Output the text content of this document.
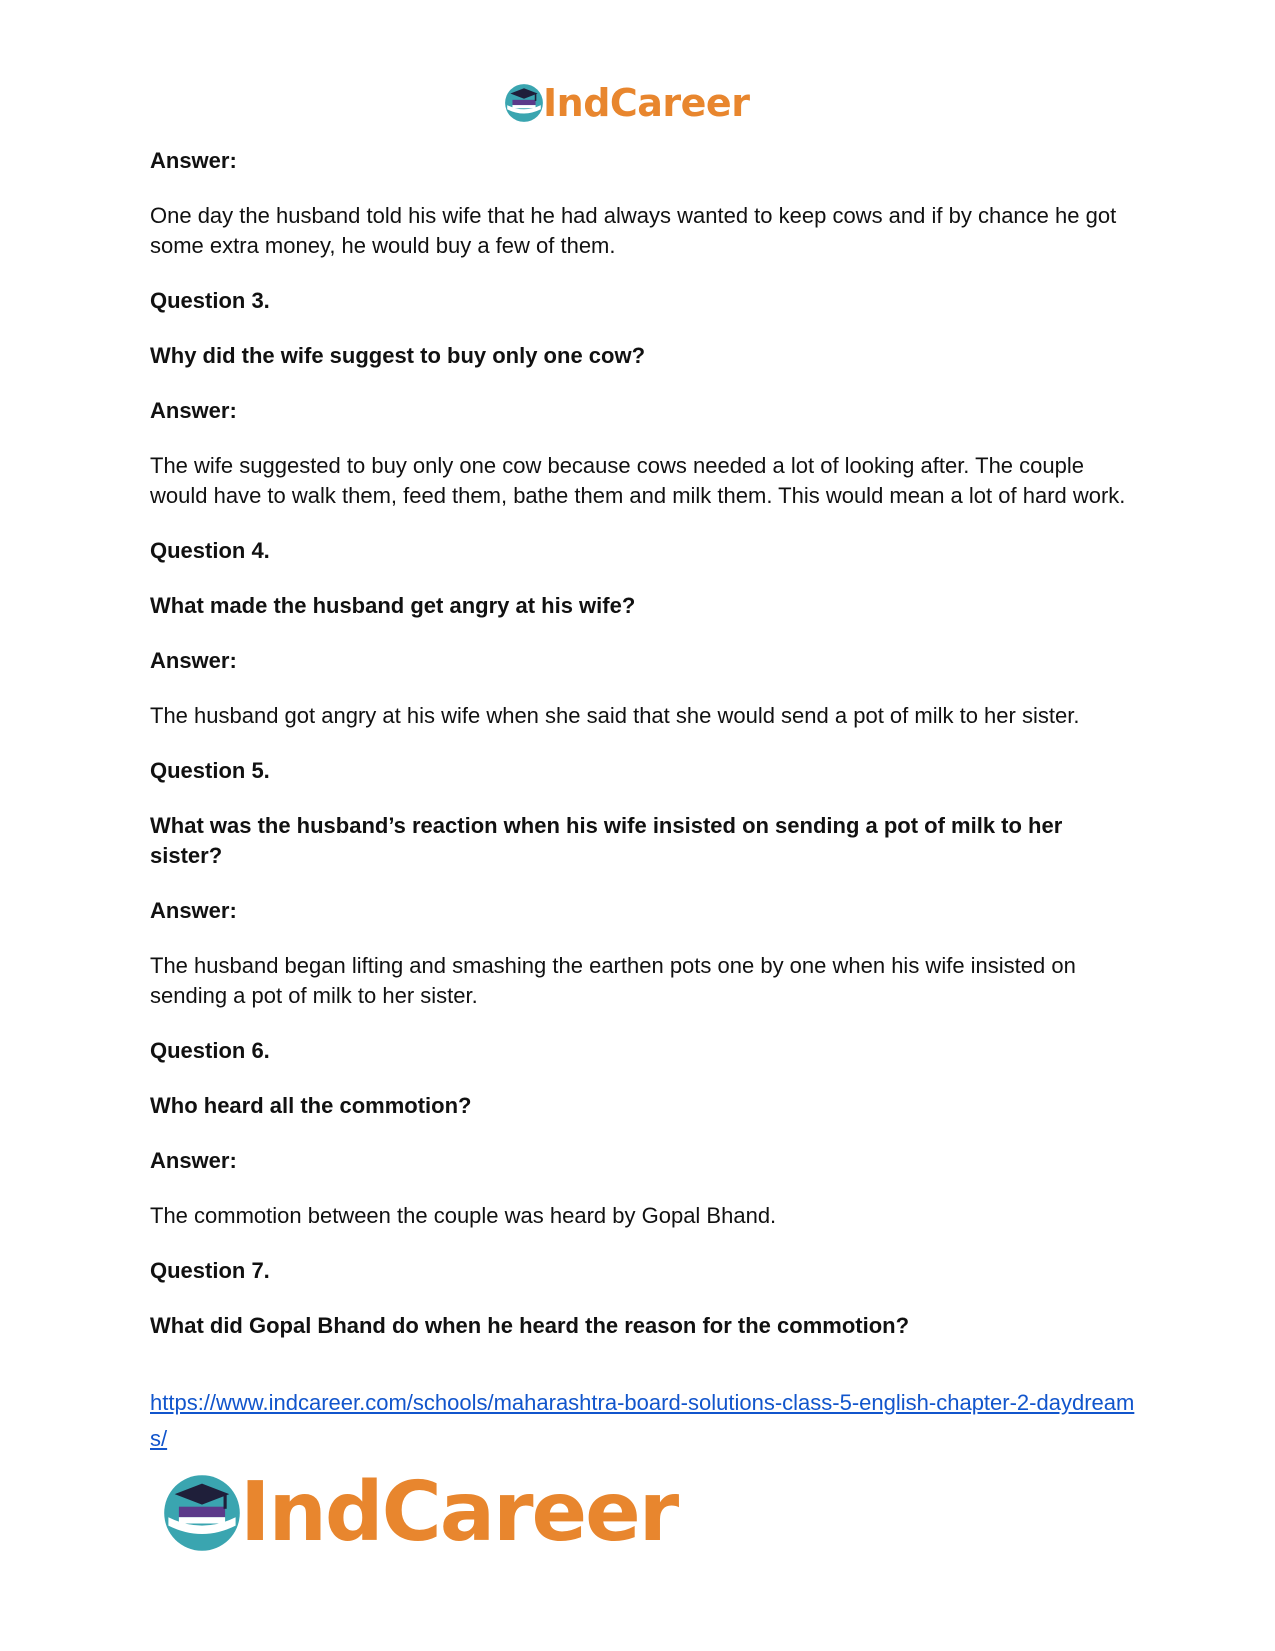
IndCareer

Answer:

One day the husband told his wife that he had always wanted to keep cows and if by chance he got some extra money, he would buy a few of them.

Question 3.

Why did the wife suggest to buy only one cow?

Answer:

The wife suggested to buy only one cow because cows needed a lot of looking after. The couple would have to walk them, feed them, bathe them and milk them. This would mean a lot of hard work.

Question 4.

What made the husband get angry at his wife?

Answer:

The husband got angry at his wife when she said that she would send a pot of milk to her sister.

Question 5.

What was the husband’s reaction when his wife insisted on sending a pot of milk to her sister?

Answer:

The husband began lifting and smashing the earthen pots one by one when his wife insisted on sending a pot of milk to her sister.

Question 6.

Who heard all the commotion?

Answer:

The commotion between the couple was heard by Gopal Bhand.

Question 7.

What did Gopal Bhand do when he heard the reason for the commotion?

https://www.indcareer.com/schools/maharashtra-board-solutions-class-5-english-chapter-2-daydreams/
IndCareer
